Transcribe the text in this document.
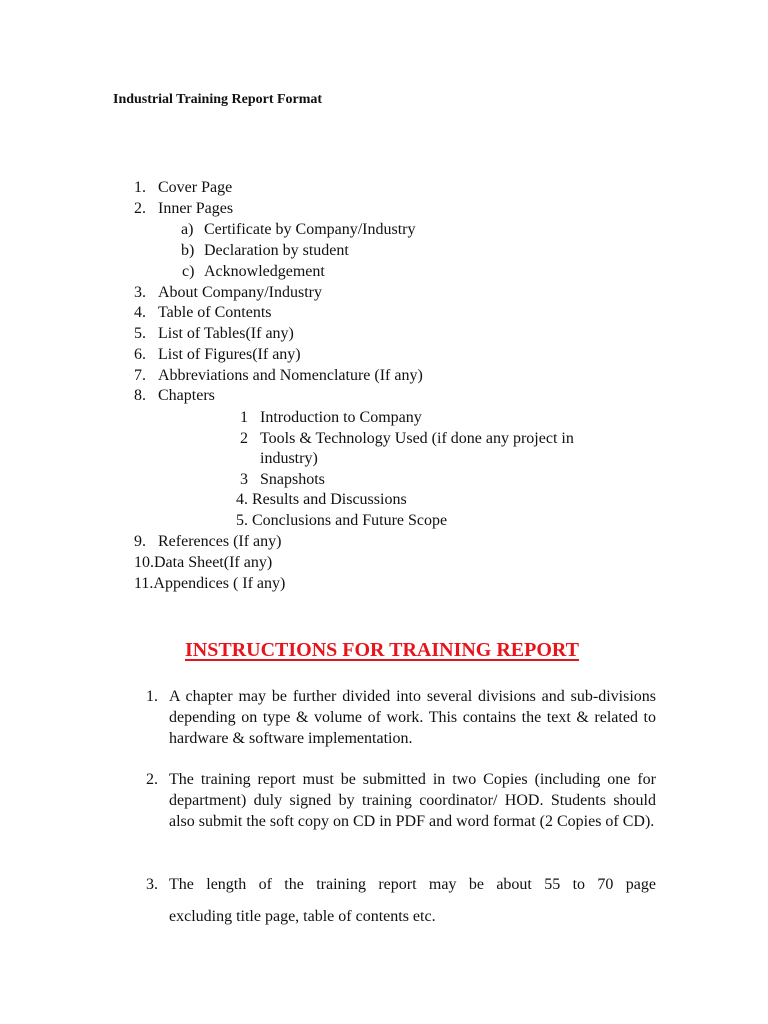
Industrial Training Report Format
1. Cover Page
2. Inner Pages
a) Certificate by Company/Industry
b) Declaration by student
c) Acknowledgement
3. About Company/Industry
4. Table of Contents
5. List of Tables(If any)
6. List of Figures(If any)
7. Abbreviations and Nomenclature (If any)
8. Chapters
1 Introduction to Company
2 Tools & Technology Used (if done any project in
industry)
3 Snapshots
4. Results and Discussions
5. Conclusions and Future Scope
9. References (If any)
10.Data Sheet(If any)
11.Appendices ( If any)
INSTRUCTIONS FOR TRAINING REPORT
1. A chapter may be further divided into several divisions and sub-divisions depending on type & volume of work. This contains the text & related to hardware & software implementation.
2. The training report must be submitted in two Copies (including one for department) duly signed by training coordinator/ HOD. Students should also submit the soft copy on CD in PDF and word format (2 Copies of CD).
3. The length of the training report may be about 55 to 70 page
excluding title page, table of contents etc.
